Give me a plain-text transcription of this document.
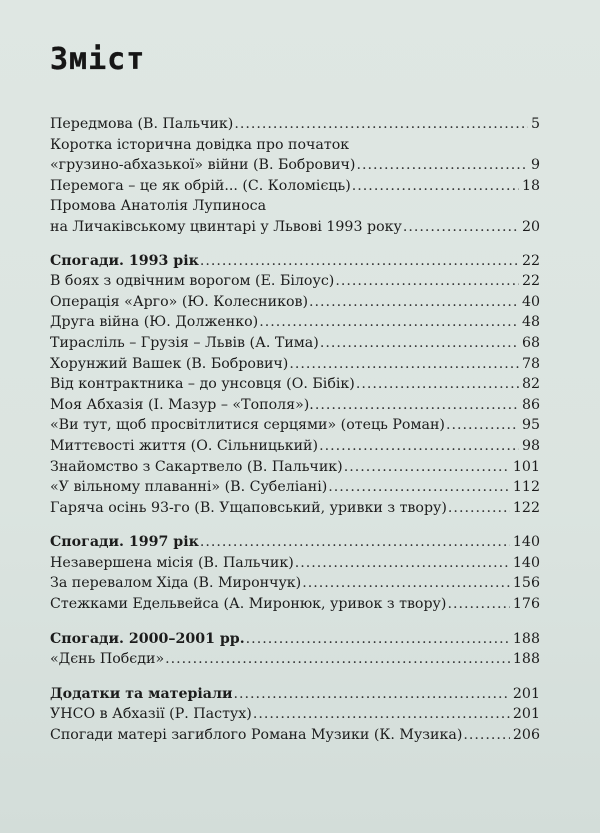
Зміст
Передмова (В. Пальчик) .....	5
Коротка історична довідка про початок
«грузино-абхазької» війни (В. Бобрович) .....	9
Перемога – це як обрій... (С. Коломієць) .....	18
Промова Анатолія Лупиноса
на Личаківському цвинтарі у Львові 1993 року .....	20
Спогади. 1993 рік .....	22
В боях з одвічним ворогом (Е. Білоус) .....	22
Операція «Арго» (Ю. Колесников) .....	40
Друга війна (Ю. Долженко) .....	48
Тирасліль – Грузія – Львів (А. Тима) .....	68
Хорунжий Вашек (В. Бобрович) .....	78
Від контрактника – до унсовця (О. Бібік) .....	82
Моя Абхазія (І. Мазур – «Тополя»). .....	86
«Ви тут, щоб просвітлитися серцями» (отець Роман) .....	95
Миттєвості життя (О. Сільницький) .....	98
Знайомство з Сакартвело (В. Пальчик) .....	101
«У вільному плаванні» (В. Субеліані) .....	112
Гаряча осінь 93-го (В. Ущаповський, уривки з твору) .....	122
Спогади. 1997 рік .....	140
Незавершена місія (В. Пальчик) .....	140
За перевалом Хіда (В. Мирончук) .....	156
Стежками Едельвейса (А. Миронюк, уривок з твору) .....	176
Спогади. 2000–2001 рр. .....	188
«Дєнь Побєди» .....	188
Додатки та матеріали .....	201
УНСО в Абхазії (Р. Пастух) .....	201
Спогади матері загиблого Романа Музики (К. Музика) .....	206
